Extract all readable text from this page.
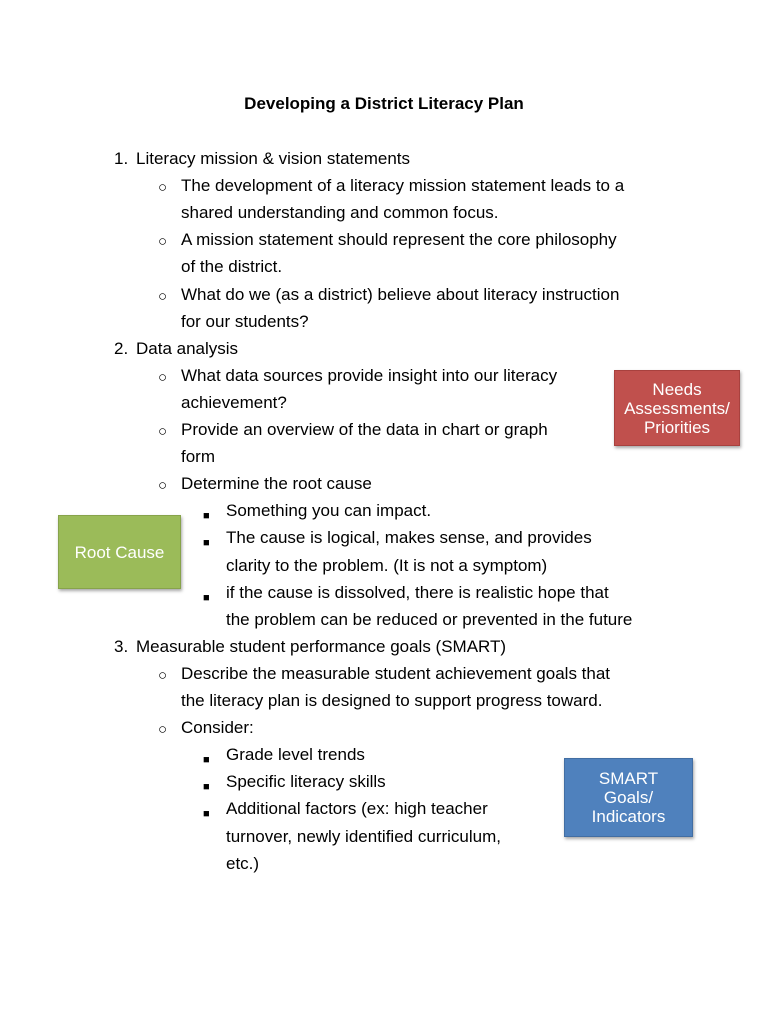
Developing a District Literacy Plan
1. Literacy mission & vision statements
○ The development of a literacy mission statement leads to a
shared understanding and common focus.
○ A mission statement should represent the core philosophy
of the district.
○ What do we (as a district) believe about literacy instruction
for our students?
2. Data analysis
○ What data sources provide insight into our literacy
achievement?
○ Provide an overview of the data in chart or graph
form
○ Determine the root cause
■ Something you can impact.
■ The cause is logical, makes sense, and provides
clarity to the problem. (It is not a symptom)
■ if the cause is dissolved, there is realistic hope that
the problem can be reduced or prevented in the future
3. Measurable student performance goals (SMART)
○ Describe the measurable student achievement goals that
the literacy plan is designed to support progress toward.
○ Consider:
■ Grade level trends
■ Specific literacy skills
■ Additional factors (ex: high teacher
turnover, newly identified curriculum,
etc.)
Needs
Assessments/
Priorities
Root Cause
SMART
Goals/
Indicators
